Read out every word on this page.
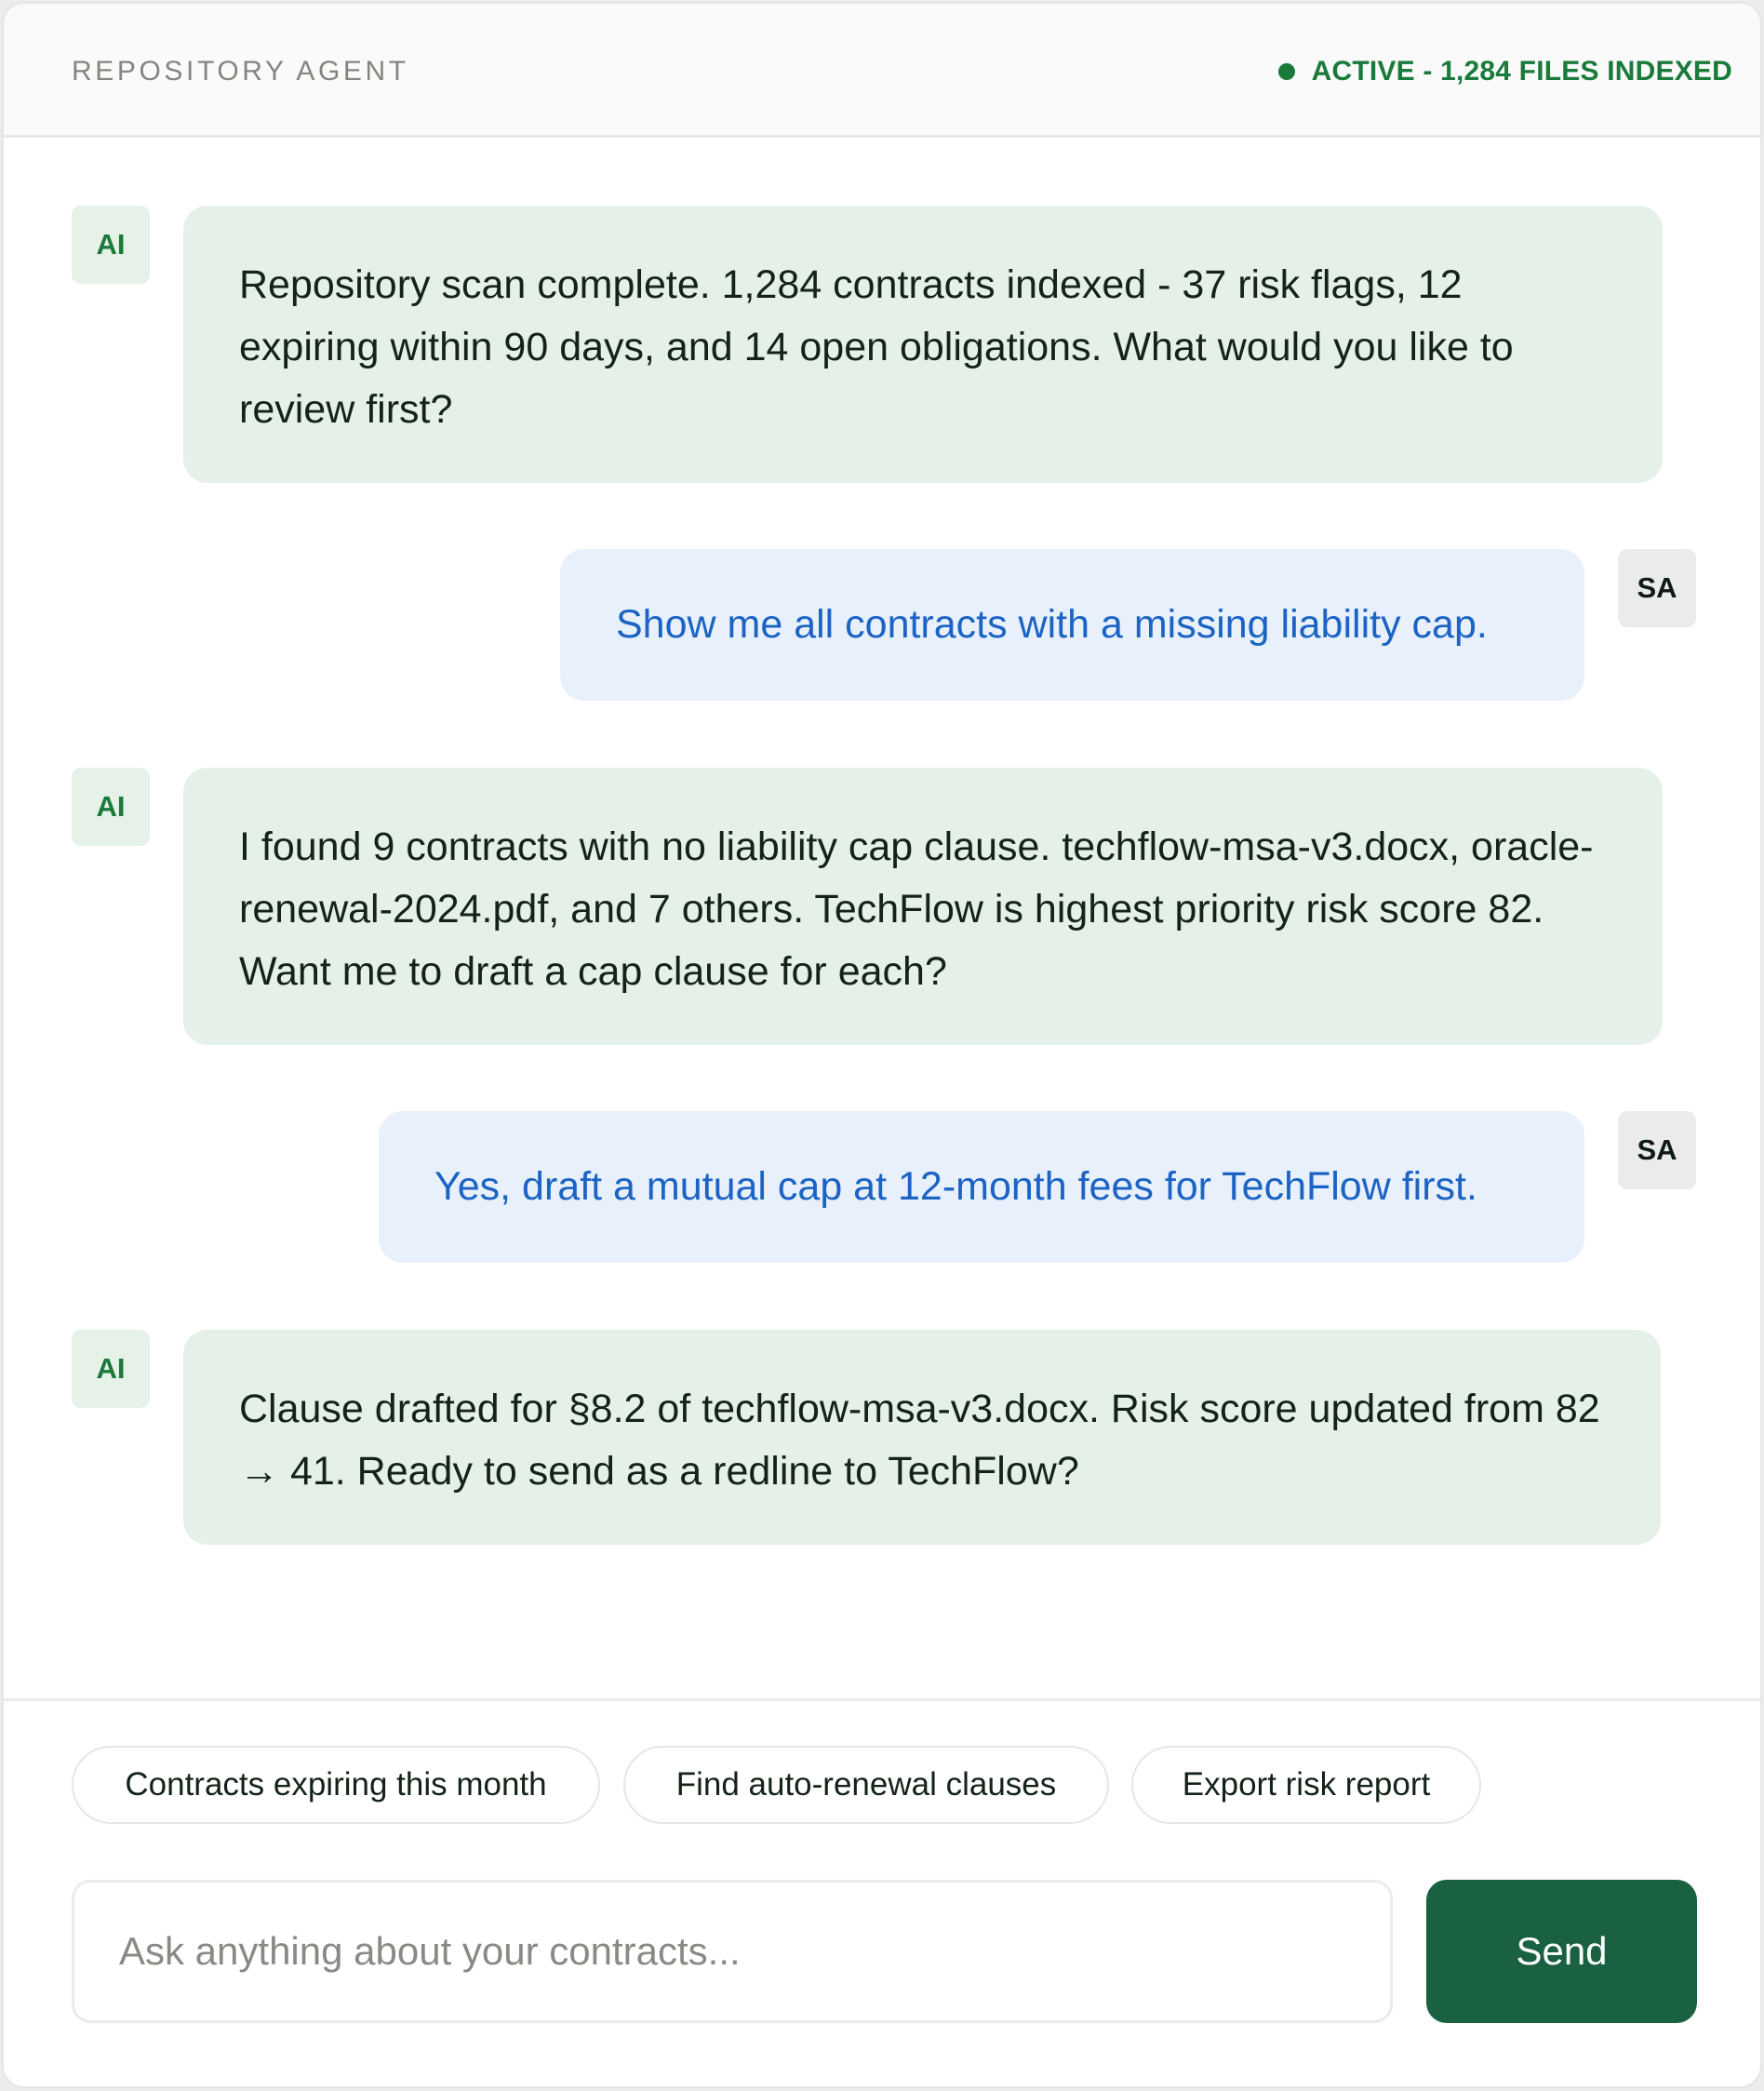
REPOSITORY AGENT	ACTIVE - 1,284 FILES INDEXED
AI
Repository scan complete. 1,284 contracts indexed - 37 risk flags, 12 expiring within 90 days, and 14 open obligations. What would you like to review first?
Show me all contracts with a missing liability cap.
SA
AI
I found 9 contracts with no liability cap clause. techflow-msa-v3.docx, oracle-renewal-2024.pdf, and 7 others. TechFlow is highest priority risk score 82. Want me to draft a cap clause for each?
Yes, draft a mutual cap at 12-month fees for TechFlow first.
SA
AI
Clause drafted for §8.2 of techflow-msa-v3.docx. Risk score updated from 82 → 41. Ready to send as a redline to TechFlow?
Contracts expiring this month	Find auto-renewal clauses	Export risk report
Ask anything about your contracts...
Send
